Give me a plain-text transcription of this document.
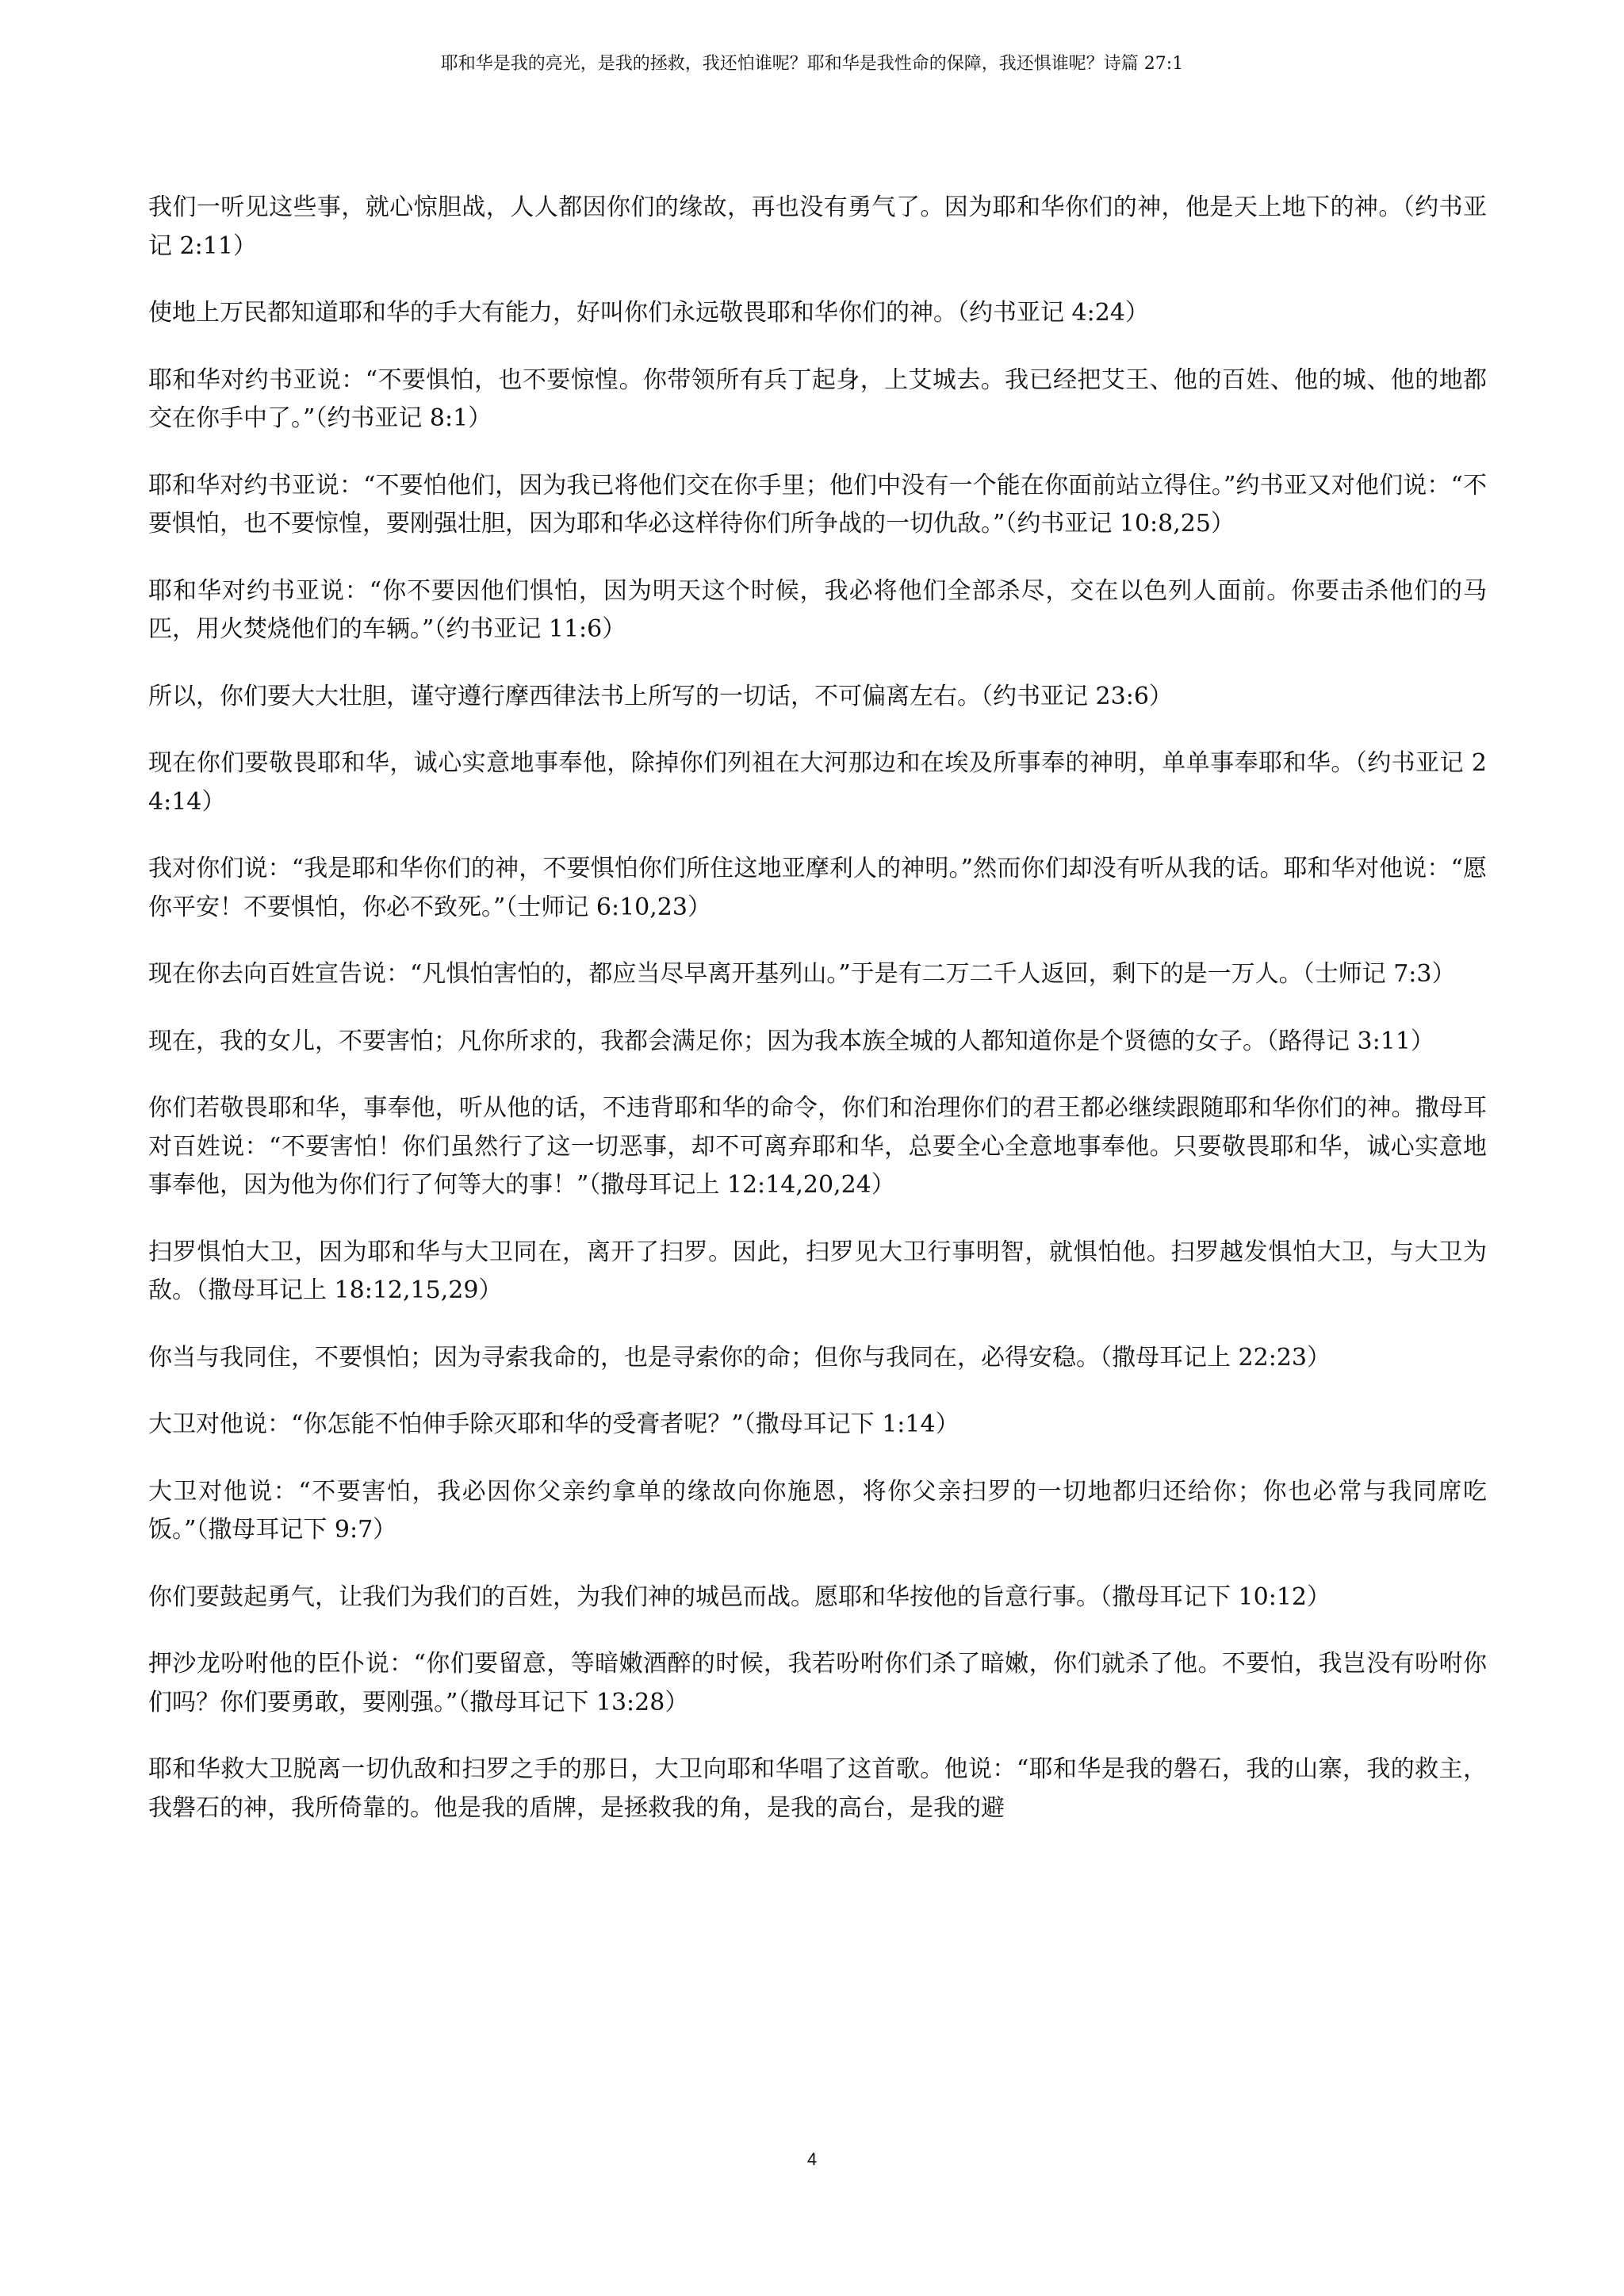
耶和华是我的亮光，是我的拯救，我还怕谁呢？耶和华是我性命的保障，我还惧谁呢？诗篇 27:1

我们一听见这些事，就心惊胆战，人人都因你们的缘故，再也没有勇气了。因为耶和华你们的神，他是天上地下的神。（约书亚记 2:11）

使地上万民都知道耶和华的手大有能力，好叫你们永远敬畏耶和华你们的神。（约书亚记 4:24）

耶和华对约书亚说：“不要惧怕，也不要惊惶。你带领所有兵丁起身，上艾城去。我已经把艾王、他的百姓、他的城、他的地都交在你手中了。”（约书亚记 8:1）

耶和华对约书亚说：“不要怕他们，因为我已将他们交在你手里；他们中没有一个能在你面前站立得住。”约书亚又对他们说：“不要惧怕，也不要惊惶，要刚强壮胆，因为耶和华必这样待你们所争战的一切仇敌。”（约书亚记 10:8,25）

耶和华对约书亚说：“你不要因他们惧怕，因为明天这个时候，我必将他们全部杀尽，交在以色列人面前。你要击杀他们的马匹，用火焚烧他们的车辆。”（约书亚记 11:6）

所以，你们要大大壮胆，谨守遵行摩西律法书上所写的一切话，不可偏离左右。（约书亚记 23:6）

现在你们要敬畏耶和华，诚心实意地事奉他，除掉你们列祖在大河那边和在埃及所事奉的神明，单单事奉耶和华。（约书亚记 24:14）

我对你们说：“我是耶和华你们的神，不要惧怕你们所住这地亚摩利人的神明。”然而你们却没有听从我的话。耶和华对他说：“愿你平安！不要惧怕，你必不致死。”（士师记 6:10,23）

现在你去向百姓宣告说：“凡惧怕害怕的，都应当尽早离开基列山。”于是有二万二千人返回，剩下的是一万人。（士师记 7:3）

现在，我的女儿，不要害怕；凡你所求的，我都会满足你；因为我本族全城的人都知道你是个贤德的女子。（路得记 3:11）

你们若敬畏耶和华，事奉他，听从他的话，不违背耶和华的命令，你们和治理你们的君王都必继续跟随耶和华你们的神。撒母耳对百姓说：“不要害怕！你们虽然行了这一切恶事，却不可离弃耶和华，总要全心全意地事奉他。只要敬畏耶和华，诚心实意地事奉他，因为他为你们行了何等大的事！”（撒母耳记上 12:14,20,24）

扫罗惧怕大卫，因为耶和华与大卫同在，离开了扫罗。因此，扫罗见大卫行事明智，就惧怕他。扫罗越发惧怕大卫，与大卫为敌。（撒母耳记上 18:12,15,29）

你当与我同住，不要惧怕；因为寻索我命的，也是寻索你的命；但你与我同在，必得安稳。（撒母耳记上 22:23）

大卫对他说：“你怎能不怕伸手除灭耶和华的受膏者呢？”（撒母耳记下 1:14）

大卫对他说：“不要害怕，我必因你父亲约拿单的缘故向你施恩，将你父亲扫罗的一切地都归还给你；你也必常与我同席吃饭。”（撒母耳记下 9:7）

你们要鼓起勇气，让我们为我们的百姓，为我们神的城邑而战。愿耶和华按他的旨意行事。（撒母耳记下 10:12）

押沙龙吩咐他的臣仆说：“你们要留意，等暗嫩酒醉的时候，我若吩咐你们杀了暗嫩，你们就杀了他。不要怕，我岂没有吩咐你们吗？你们要勇敢，要刚强。”（撒母耳记下 13:28）

耶和华救大卫脱离一切仇敌和扫罗之手的那日，大卫向耶和华唱了这首歌。他说：“耶和华是我的磐石，我的山寨，我的救主，我磐石的神，我所倚靠的。他是我的盾牌，是拯救我的角，是我的高台，是我的避

4
